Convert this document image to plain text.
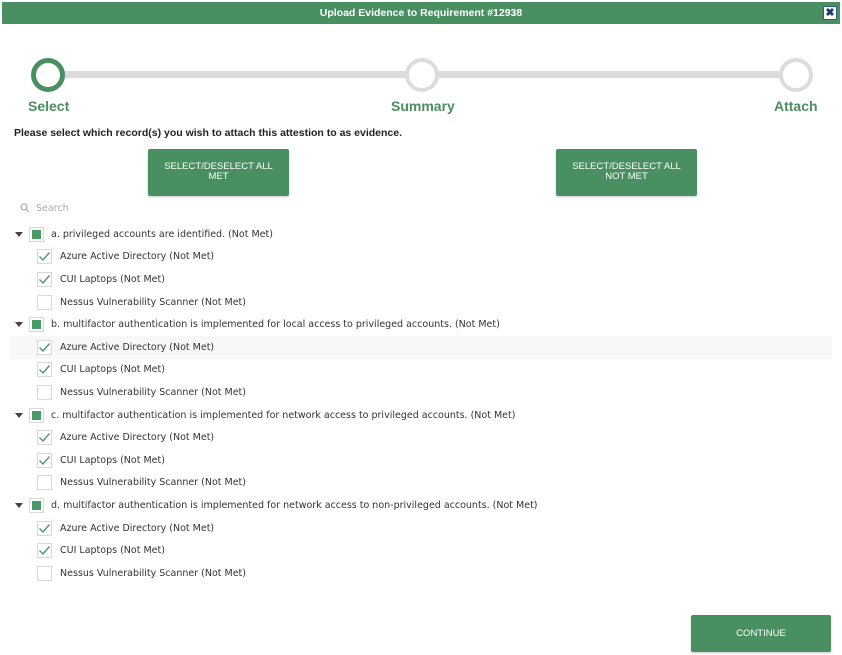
Upload Evidence to Requirement #12938	✖
Select	Summary	Attach
Please select which record(s) you wish to attach this attestion to as evidence.
SELECT/DESELECT ALL
MET
SELECT/DESELECT ALL
NOT MET
Search
a. privileged accounts are identified. (Not Met)
Azure Active Directory (Not Met)
CUI Laptops (Not Met)
Nessus Vulnerability Scanner (Not Met)
b. multifactor authentication is implemented for local access to privileged accounts. (Not Met)
Azure Active Directory (Not Met)
CUI Laptops (Not Met)
Nessus Vulnerability Scanner (Not Met)
c. multifactor authentication is implemented for network access to privileged accounts. (Not Met)
Azure Active Directory (Not Met)
CUI Laptops (Not Met)
Nessus Vulnerability Scanner (Not Met)
d. multifactor authentication is implemented for network access to non-privileged accounts. (Not Met)
Azure Active Directory (Not Met)
CUI Laptops (Not Met)
Nessus Vulnerability Scanner (Not Met)
CONTINUE
